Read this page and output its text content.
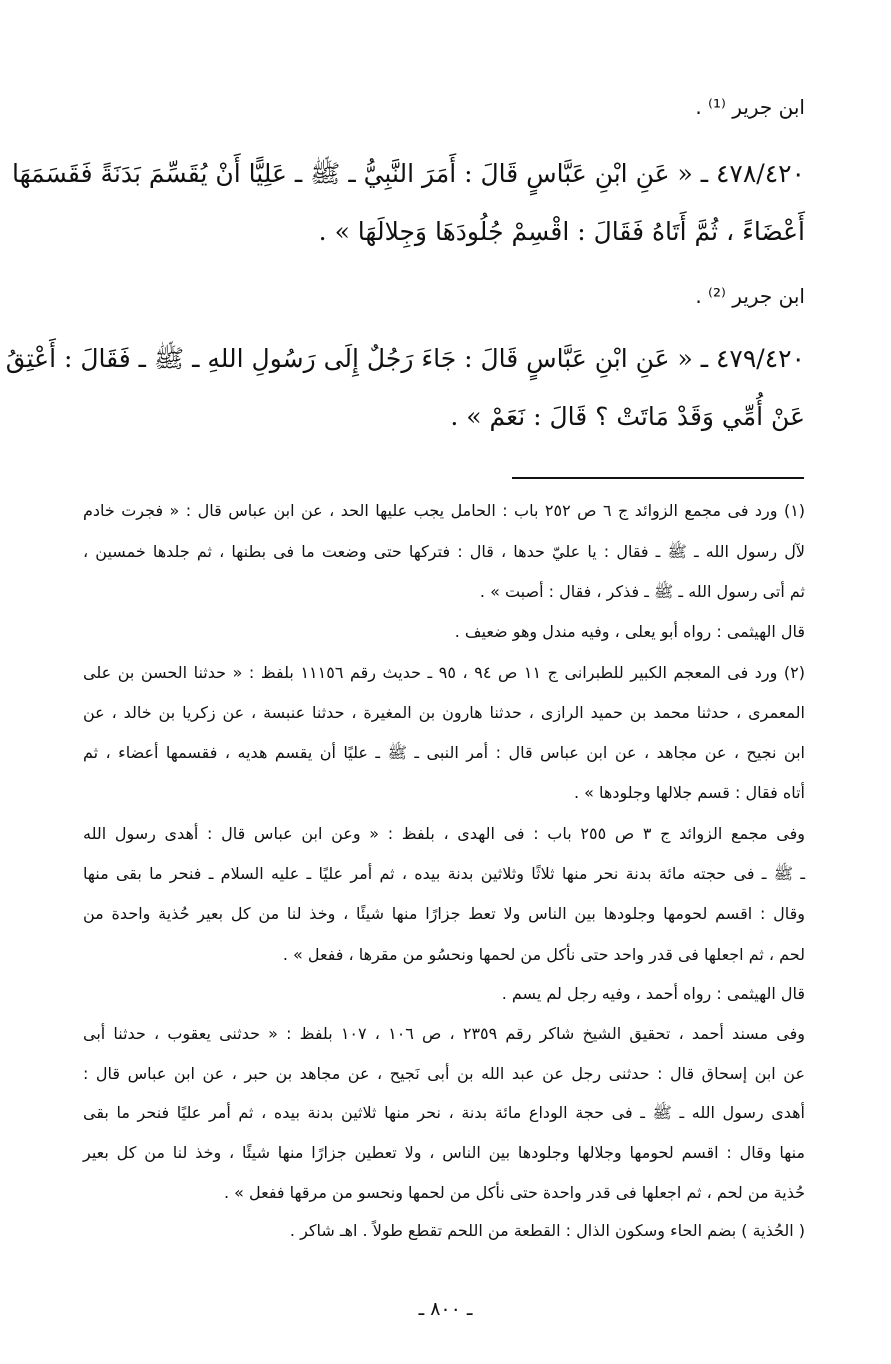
ابن جرير ⁽¹⁾ .
٤٧٨/٤٢٠ ـ « عَنِ ابْنِ عَبَّاسٍ قَالَ : أَمَرَ النَّبِيُّ ـ ﷺ ـ عَلِيًّا أَنْ يُقَسِّمَ بَدَنَةً فَقَسَمَهَا
أَعْضَاءً ، ثُمَّ أَتَاهُ فَقَالَ : اقْسِمْ جُلُودَهَا وَجِلالَهَا » .
ابن جرير ⁽²⁾ .
٤٧٩/٤٢٠ ـ « عَنِ ابْنِ عَبَّاسٍ قَالَ : جَاءَ رَجُلٌ إِلَى رَسُولِ اللهِ ـ ﷺ ـ فَقَالَ : أَعْتِقُ
عَنْ أُمِّي وَقَدْ مَاتَتْ ؟ قَالَ : نَعَمْ » .
(١) ورد فى مجمع الزوائد ج ٦ ص ٢٥٢ باب : الحامل يجب عليها الحد ، عن ابن عباس قال : « فجرت خادم
لآل رسول الله ـ ﷺ ـ فقال : يا عليّ حدها ، قال : فتركها حتى وضعت ما فى بطنها ، ثم جلدها خمسين ،
ثم أتى رسول الله ـ ﷺ ـ فذكر ، فقال : أصبت » .
قال الهيثمى : رواه أبو يعلى ، وفيه مندل وهو ضعيف .
(٢) ورد فى المعجم الكبير للطبرانى ج ١١ ص ٩٤ ، ٩٥ ـ حديث رقم ١١١٥٦ بلفظ : « حدثنا الحسن بن على
المعمرى ، حدثنا محمد بن حميد الرازى ، حدثنا هارون بن المغيرة ، حدثنا عنبسة ، عن زكريا بن خالد ، عن
ابن نجيح ، عن مجاهد ، عن ابن عباس قال : أمر النبى ـ ﷺ ـ عليًا أن يقسم هديه ، فقسمها أعضاء ، ثم
أتاه فقال : قسم جلالها وجلودها » .
وفى مجمع الزوائد ج ٣ ص ٢٥٥ باب : فى الهدى ، بلفظ : « وعن ابن عباس قال : أهدى رسول الله
ـ ﷺ ـ فى حجته مائة بدنة نحر منها ثلاثًا وثلاثين بدنة بيده ، ثم أمر عليًا ـ عليه السلام ـ فنحر ما بقى منها
وقال : اقسم لحومها وجلودها بين الناس ولا تعط جزارًا منها شيئًا ، وخذ لنا من كل بعير حُذية واحدة من
لحم ، ثم اجعلها فى قدر واحد حتى نأكل من لحمها ونحسُو من مقرها ، ففعل » .
قال الهيثمى : رواه أحمد ، وفيه رجل لم يسم .
وفى مسند أحمد ، تحقيق الشيخ شاكر رقم ٢٣٥٩ ، ص ١٠٦ ، ١٠٧ بلفظ : « حدثنى يعقوب ، حدثنا أبى
عن ابن إسحاق قال : حدثنى رجل عن عبد الله بن أبى نَجيح ، عن مجاهد بن حبر ، عن ابن عباس قال :
أهدى رسول الله ـ ﷺ ـ فى حجة الوداع مائة بدنة ، نحر منها ثلاثين بدنة بيده ، ثم أمر عليًا فنحر ما بقى
منها وقال : اقسم لحومها وجلالها وجلودها بين الناس ، ولا تعطين جزارًا منها شيئًا ، وخذ لنا من كل بعير
حُذية من لحم ، ثم اجعلها فى قدر واحدة حتى نأكل من لحمها ونحسو من مرقها ففعل » .
( الحُذية ) بضم الحاء وسكون الذال : القطعة من اللحم تقطع طولاً . اهـ شاكر .
ـ ٨٠٠ ـ
